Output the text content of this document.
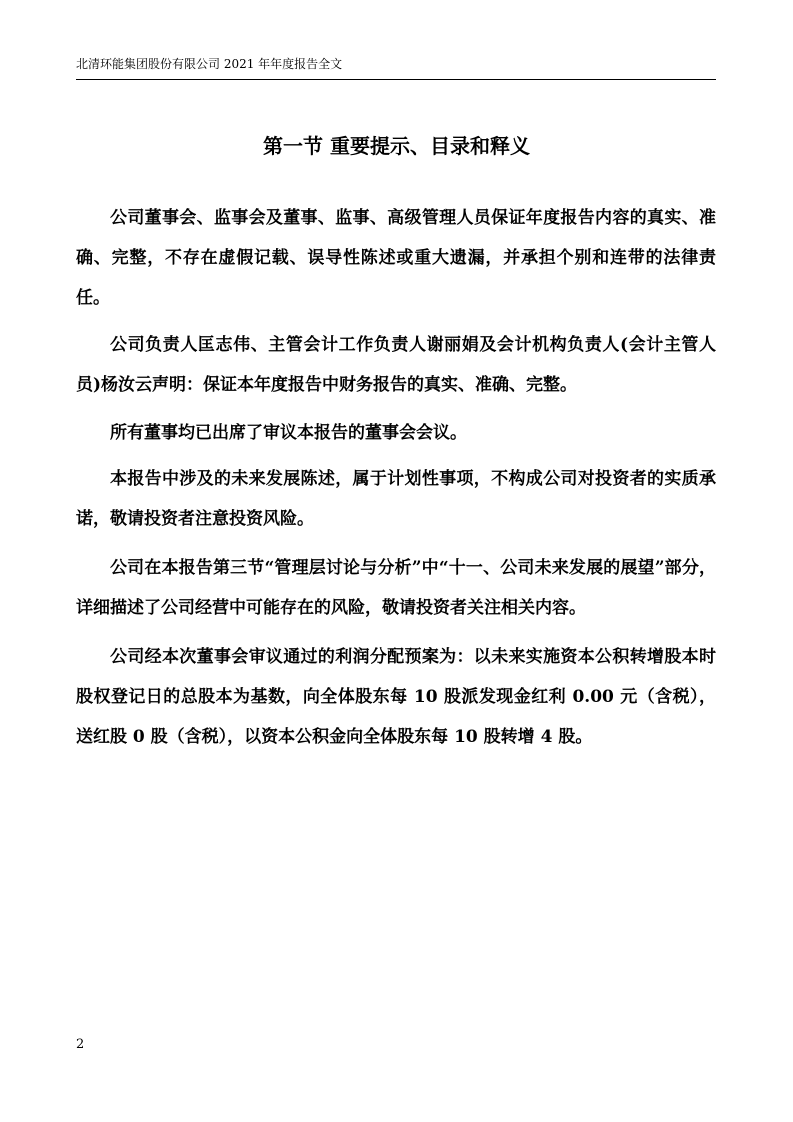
北清环能集团股份有限公司 2021 年年度报告全文
第一节 重要提示、目录和释义

公司董事会、监事会及董事、监事、高级管理人员保证年度报告内容的真实、准确、完整，不存在虚假记载、误导性陈述或重大遗漏，并承担个别和连带的法律责任。

公司负责人匡志伟、主管会计工作负责人谢丽娟及会计机构负责人(会计主管人员)杨汝云声明：保证本年度报告中财务报告的真实、准确、完整。

所有董事均已出席了审议本报告的董事会会议。

本报告中涉及的未来发展陈述，属于计划性事项，不构成公司对投资者的实质承诺，敬请投资者注意投资风险。

公司在本报告第三节“管理层讨论与分析”中“十一、公司未来发展的展望”部分，详细描述了公司经营中可能存在的风险，敬请投资者关注相关内容。

公司经本次董事会审议通过的利润分配预案为：以未来实施资本公积转增股本时股权登记日的总股本为基数，向全体股东每 10 股派发现金红利 0.00 元（含税），送红股 0 股（含税），以资本公积金向全体股东每 10 股转增 4 股。

2
